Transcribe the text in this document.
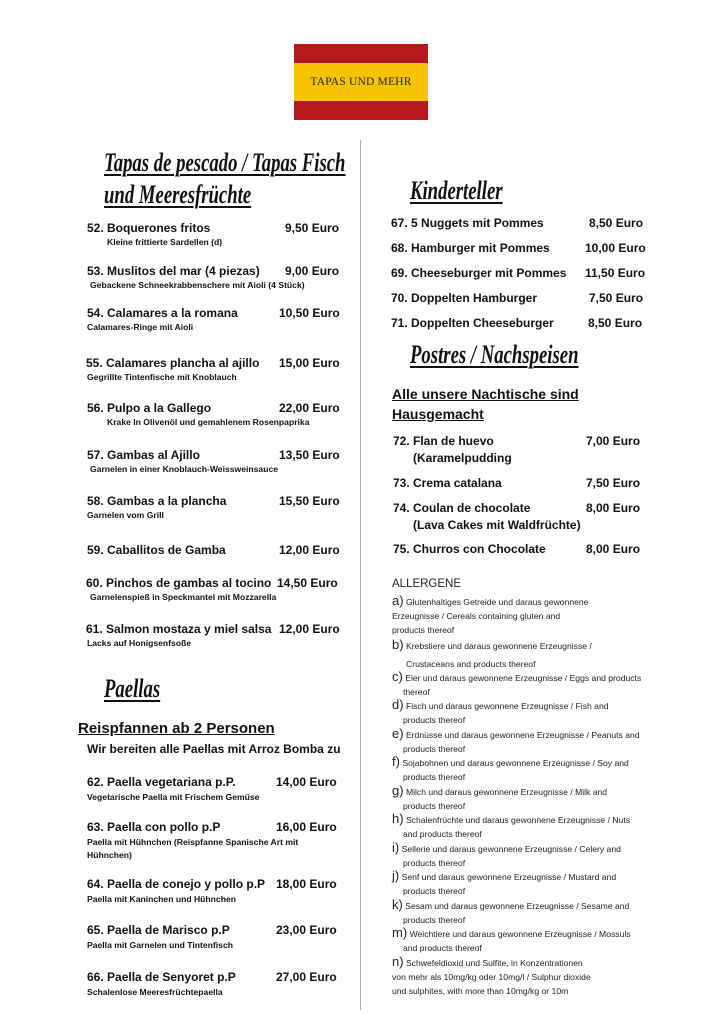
TAPAS UND MEHR
Tapas de pescado / Tapas Fisch
und Meeresfrüchte
52. Boquerones fritos	9,50 Euro
Kleine frittierte Sardellen (d)
53. Muslitos del mar (4 piezas) 9,00 Euro
Gebackene Schneekrabbenschere mit Aioli (4 Stück)
54. Calamares a la romana	10,50 Euro
Calamares-Ringe mit Aioli
55. Calamares plancha al ajillo 15,00 Euro
Gegrillte Tintenfische mit Knoblauch
56. Pulpo a la Gallego	22,00 Euro
Krake In Olivenöl und gemahlenem Rosenpaprika
57. Gambas al Ajillo	13,50 Euro
Garnelen in einer Knoblauch-Weissweinsauce
58. Gambas a la plancha	15,50 Euro
Garnelen vom Grill
59. Caballitos de Gamba	12,00 Euro
60. Pinchos de gambas al tocino 14,50 Euro
Garnelenspieß in Speckmantel mit Mozzarella
61. Salmon mostaza y miel salsa 12,00 Euro
Lacks auf Honigsenfsoße
Paellas
Reispfannen ab 2 Personen
Wir bereiten alle Paellas mit Arroz Bomba zu
62. Paella vegetariana p.P.	14,00 Euro
Vegetarische Paella mit Frischem Gemüse
63. Paella con pollo p.P	16,00 Euro
Paella mit Hühnchen (Reispfanne Spanische Art mit
Hühnchen)
64. Paella de conejo y pollo p.P 18,00 Euro
Paella mit Kaninchen und Hühnchen
65. Paella de Marisco p.P	23,00 Euro
Paella mit Garnelen und Tintenfisch
66. Paella de Senyoret p.P	27,00 Euro
Schalenlose Meeresfrüchtepaella
Kinderteller
67. 5 Nuggets mit Pommes	8,50 Euro
68. Hamburger mit Pommes	10,00 Euro
69. Cheeseburger mit Pommes 11,50 Euro
70. Doppelten Hamburger	7,50 Euro
71. Doppelten Cheeseburger	8,50 Euro
Postres / Nachspeisen
Alle unsere Nachtische sind
Hausgemacht
72. Flan de huevo	7,00 Euro
(Karamelpudding
73. Crema catalana	7,50 Euro
74. Coulan de chocolate	8,00 Euro
(Lava Cakes mit Waldfrüchte)
75. Churros con Chocolate	8,00 Euro
ALLERGENE
a) Glutenhaltiges Getreide und daraus gewonnene
Erzeugnisse / Cereals containing gluten and
products thereof
b) Krebstiere und daraus gewonnene Erzeugnisse /
Crustaceans and products thereof
c) Eier und daraus gewonnene Erzeugnisse / Eggs and products
thereof
d) Fisch und daraus gewonnene Erzeugnisse / Fish and
products thereof
e) Erdnüsse und daraus gewonnene Erzeugnisse / Peanuts and
products thereof
f) Sojabohnen und daraus gewonnene Erzeugnisse / Soy and
products thereof
g) Milch und daraus gewonnene Erzeugnisse / Milk and
products thereof
h) Schalenfrüchte und daraus gewonnene Erzeugnisse / Nuts
and products thereof
i) Sellerie und daraus gewonnene Erzeugnisse / Celery and
products thereof
j) Senf und daraus gewonnene Erzeugnisse / Mustard and
products thereof
k) Sesam und daraus gewonnene Erzeugnisse / Sesame and
products thereof
m) Weichtiere und daraus gewonnene Erzeugnisse / Mossuls
and products thereof
n) Schwefeldioxid und Sulfite, in Konzentrationen
von mehr als 10mg/kg oder 10mg/l / Sulphur dioxide
und sulphites, with more than 10mg/kg or 10m
